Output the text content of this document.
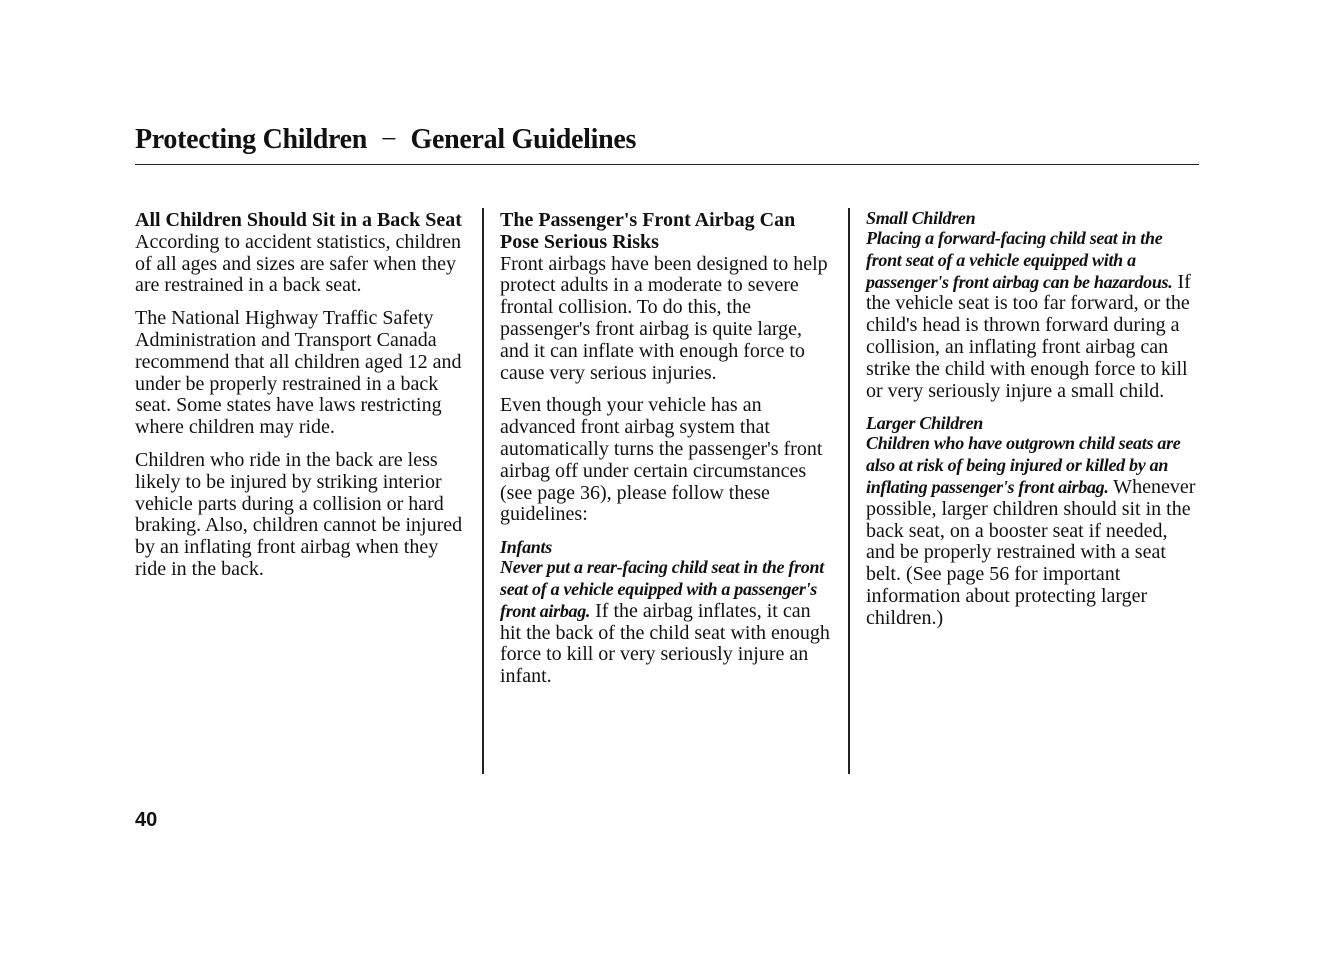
Protecting Children − General Guidelines
All Children Should Sit in a Back Seat

According to accident statistics, children of all ages and sizes are safer when they are restrained in a back seat.

The National Highway Traffic Safety Administration and Transport Canada recommend that all children aged 12 and under be properly restrained in a back seat. Some states have laws restricting where children may ride.

Children who ride in the back are less likely to be injured by striking interior vehicle parts during a collision or hard braking. Also, children cannot be injured by an inflating front airbag when they ride in the back.

The Passenger's Front Airbag Can Pose Serious Risks

Front airbags have been designed to help protect adults in a moderate to severe frontal collision. To do this, the passenger's front airbag is quite large, and it can inflate with enough force to cause very serious injuries.

Even though your vehicle has an advanced front airbag system that automatically turns the passenger's front airbag off under certain circumstances (see page 36), please follow these guidelines:

Infants

Never put a rear-facing child seat in the front seat of a vehicle equipped with a passenger's front airbag. If the airbag inflates, it can hit the back of the child seat with enough force to kill or very seriously injure an infant.

Small Children

Placing a forward-facing child seat in the front seat of a vehicle equipped with a passenger's front airbag can be hazardous. If the vehicle seat is too far forward, or the child's head is thrown forward during a collision, an inflating front airbag can strike the child with enough force to kill or very seriously injure a small child.

Larger Children

Children who have outgrown child seats are also at risk of being injured or killed by an inflating passenger's front airbag. Whenever possible, larger children should sit in the back seat, on a booster seat if needed, and be properly restrained with a seat belt. (See page 56 for important information about protecting larger children.)

40
